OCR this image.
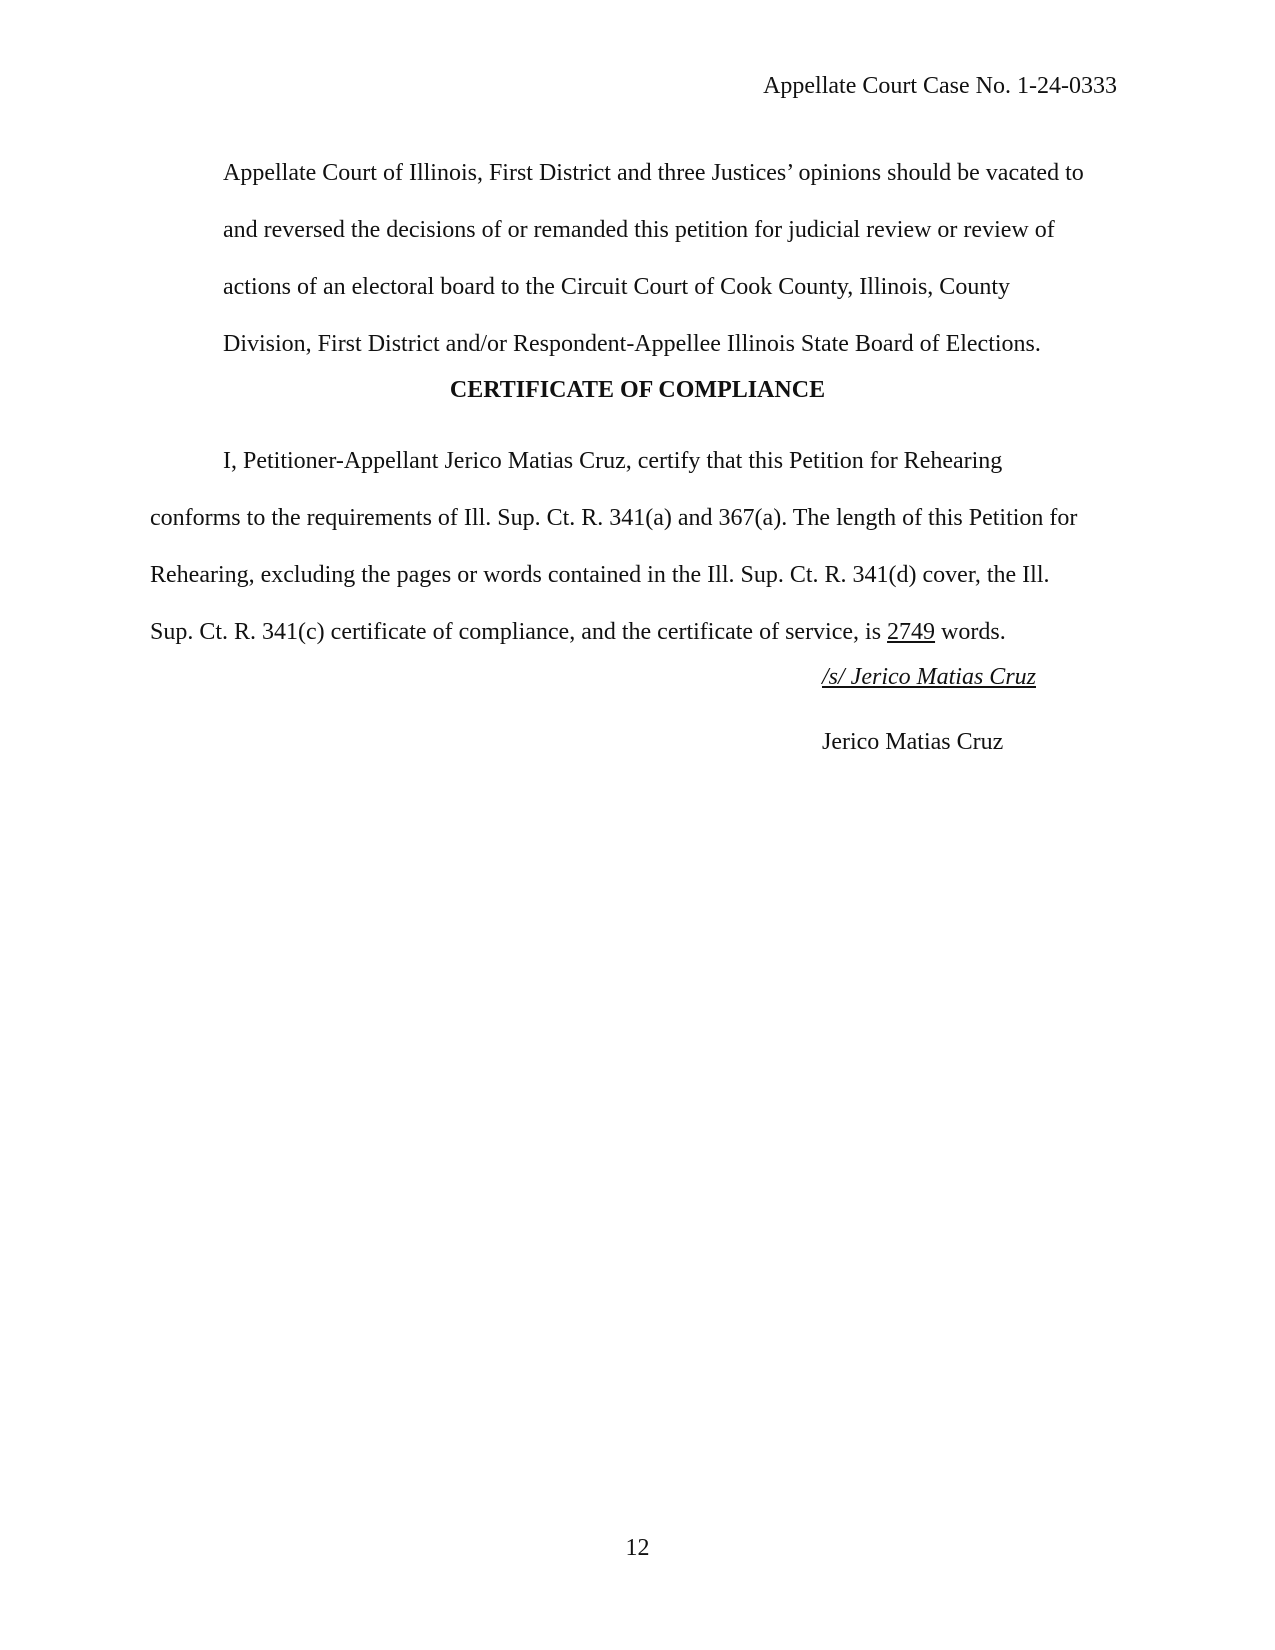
Appellate Court Case No. 1-24-0333
Appellate Court of Illinois, First District and three Justices’ opinions should be vacated to
and reversed the decisions of or remanded this petition for judicial review or review of
actions of an electoral board to the Circuit Court of Cook County, Illinois, County
Division, First District and/or Respondent-Appellee Illinois State Board of Elections.
CERTIFICATE OF COMPLIANCE
I, Petitioner-Appellant Jerico Matias Cruz, certify that this Petition for Rehearing
conforms to the requirements of Ill. Sup. Ct. R. 341(a) and 367(a). The length of this Petition for
Rehearing, excluding the pages or words contained in the Ill. Sup. Ct. R. 341(d) cover, the Ill.
Sup. Ct. R. 341(c) certificate of compliance, and the certificate of service, is 2749 words.
/s/ Jerico Matias Cruz
Jerico Matias Cruz
12
